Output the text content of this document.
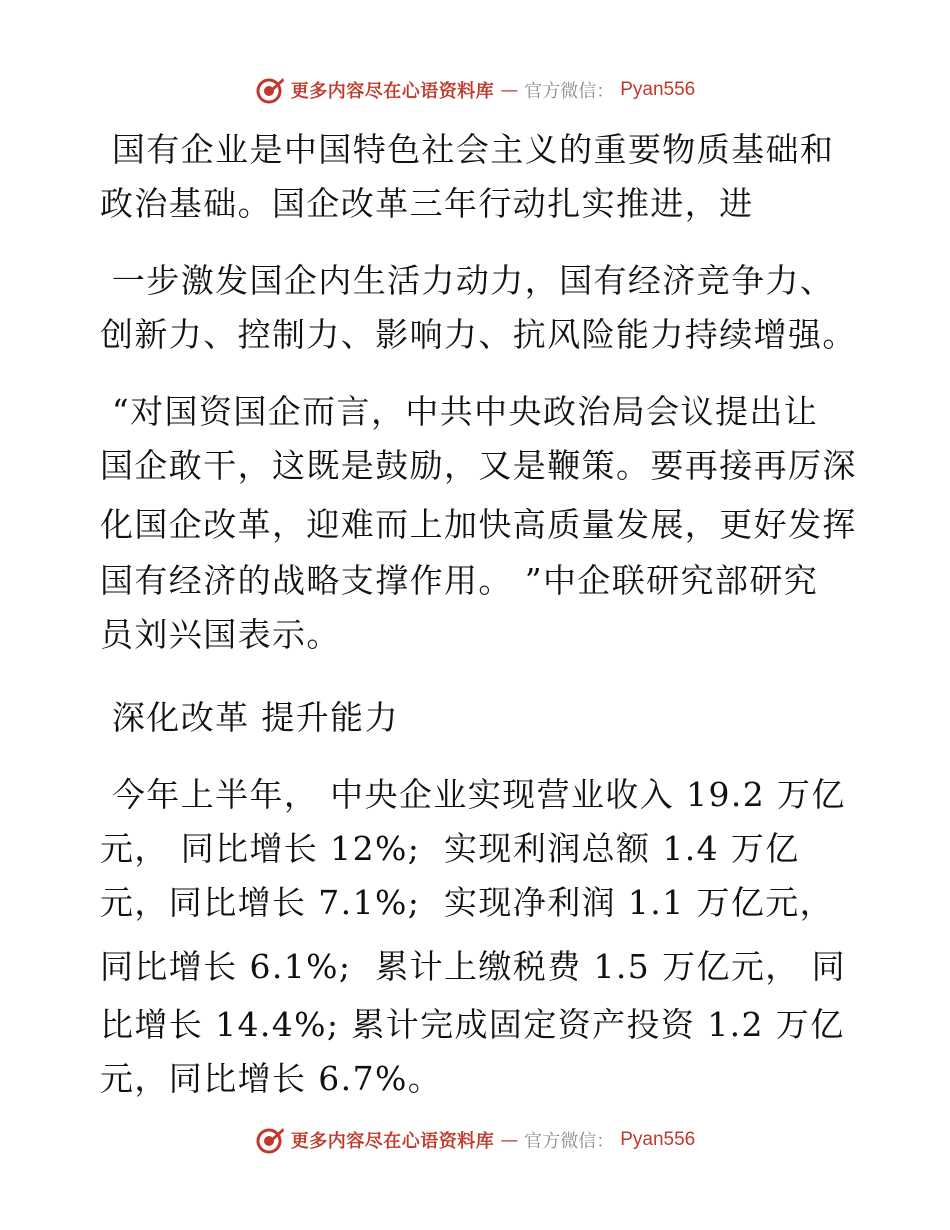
更多内容尽在心语资料库 — 官方微信： Pyan556

国有企业是中国特色社会主义的重要物质基础和

政治基础。国企改革三年行动扎实推进，进

一步激发国企内生活力动力，国有经济竞争力、

创新力、控制力、影响力、抗风险能力持续增强。

“对国资国企而言，中共中央政治局会议提出让

国企敢干，这既是鼓励，又是鞭策。要再接再厉深

化国企改革，迎难而上加快高质量发展，更好发挥

国有经济的战略支撑作用。 ”中企联研究部研究

员刘兴国表示。

深化改革 提升能力

今年上半年， 中央企业实现营业收入 19.2 万亿

元， 同比增长 12%;  实现利润总额 1.4 万亿

元，同比增长 7.1%;  实现净利润 1.1 万亿元，

同比增长 6.1%;  累计上缴税费 1.5 万亿元， 同

比增长 14.4%; 累计完成固定资产投资 1.2 万亿

元，同比增长 6.7%。

更多内容尽在心语资料库 — 官方微信： Pyan556
